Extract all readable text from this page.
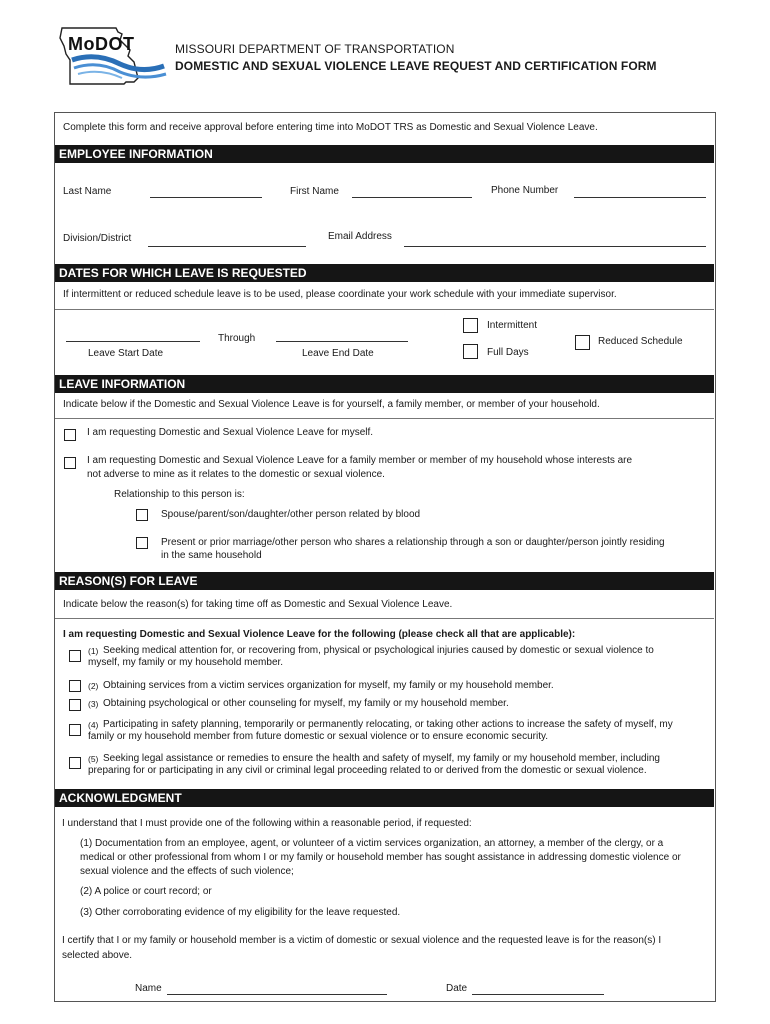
MoDOT	MISSOURI DEPARTMENT OF TRANSPORTATION
DOMESTIC AND SEXUAL VIOLENCE LEAVE REQUEST AND CERTIFICATION FORM
Complete this form and receive approval before entering time into MoDOT TRS as Domestic and Sexual Violence Leave.
EMPLOYEE INFORMATION
Last Name	First Name	Phone Number
Division/District	Email Address
DATES FOR WHICH LEAVE IS REQUESTED
If intermittent or reduced schedule leave is to be used, please coordinate your work schedule with your immediate supervisor.
Through
Leave Start Date	Leave End Date
Intermittent
Full Days
Reduced Schedule
LEAVE INFORMATION
Indicate below if the Domestic and Sexual Violence Leave is for yourself, a family member, or member of your household.
I am requesting Domestic and Sexual Violence Leave for myself.
I am requesting Domestic and Sexual Violence Leave for a family member or member of my household whose interests are
not adverse to mine as it relates to the domestic or sexual violence.
Relationship to this person is:
Spouse/parent/son/daughter/other person related by blood
Present or prior marriage/other person who shares a relationship through a son or daughter/person jointly residing
in the same household
REASON(S) FOR LEAVE
Indicate below the reason(s) for taking time off as Domestic and Sexual Violence Leave.
I am requesting Domestic and Sexual Violence Leave for the following (please check all that are applicable):
(1) Seeking medical attention for, or recovering from, physical or psychological injuries caused by domestic or sexual violence to
myself, my family or my household member.
(2) Obtaining services from a victim services organization for myself, my family or my household member.
(3) Obtaining psychological or other counseling for myself, my family or my household member.
(4) Participating in safety planning, temporarily or permanently relocating, or taking other actions to increase the safety of myself, my
family or my household member from future domestic or sexual violence or to ensure economic security.
(5) Seeking legal assistance or remedies to ensure the health and safety of myself, my family or my household member, including
preparing for or participating in any civil or criminal legal proceeding related to or derived from the domestic or sexual violence.
ACKNOWLEDGMENT
I understand that I must provide one of the following within a reasonable period, if requested:
(1) Documentation from an employee, agent, or volunteer of a victim services organization, an attorney, a member of the clergy, or a
medical or other professional from whom I or my family or household member has sought assistance in addressing domestic violence or
sexual violence and the effects of such violence;
(2) A police or court record; or
(3) Other corroborating evidence of my eligibility for the leave requested.
I certify that I or my family or household member is a victim of domestic or sexual violence and the requested leave is for the reason(s) I
selected above.
Name	Date
